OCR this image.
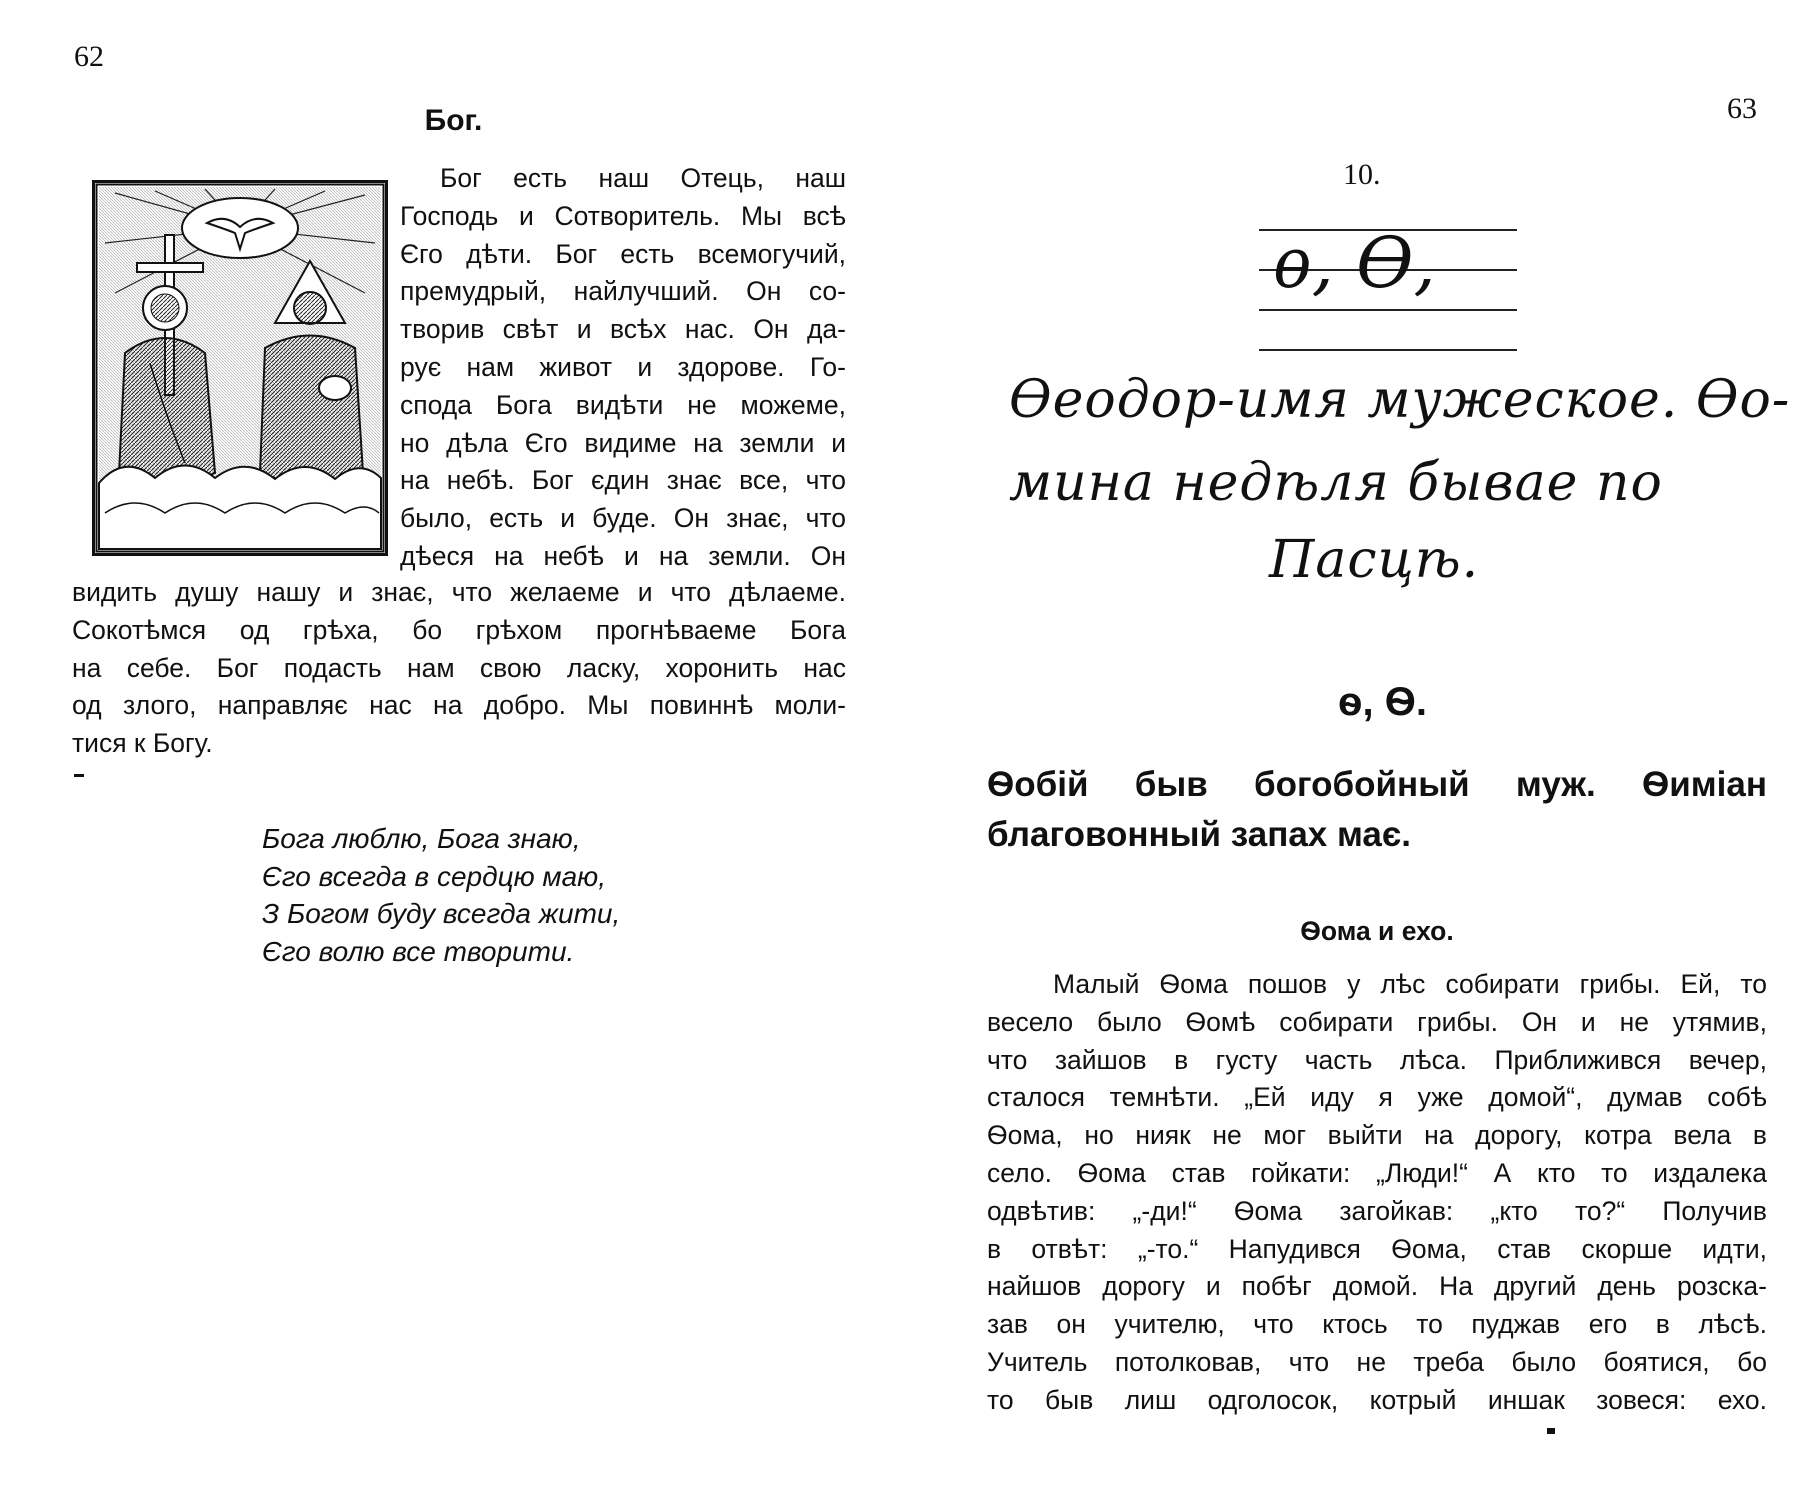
62
Бог.
Бог есть наш Отець, наш
Господь и Сотворитель. Мы всѣ
Єго дѣти. Бог есть всемогучий,
премудрый, найлучший. Он со-
творив свѣт и всѣх нас. Он да-
рує нам живот и здорове. Го-
спода Бога видѣти не можеме,
но дѣла Єго видиме на земли и
на небѣ. Бог єдин знає все, что
было, есть и буде. Он знає, что
дѣеся на небѣ и на земли. Он
видить душу нашу и знає, что желаеме и что дѣлаеме.
Сокотѣмся од грѣха, бо грѣхом прогнѣваеме Бога
на себе. Бог подасть нам свою ласку, хоронить нас
од злого, направляє нас на добро. Мы повиннѣ моли-
тися к Богу.
Бога люблю, Бога знаю,
Єго всегда в сердцю маю,
З Богом буду всегда жити,
Єго волю все творити.
63
10.
ѳ, Ѳ,
Ѳеодор-имя мужеское. Ѳо-
мина недѣля бывае по
Пасцѣ.
ѳ, Ѳ.
Ѳобій быв богобойный муж. Ѳиміан
благовонный запах має.
Ѳома и ехо.
Малый Ѳома пошов у лѣс собирати грибы. Ей, то
весело было Ѳомѣ собирати грибы. Он и не утямив,
что зайшов в густу часть лѣса. Приближився вечер,
сталося темнѣти. „Ей иду я уже домой“, думав собѣ
Ѳома, но нияк не мог выйти на дорогу, котра вела в
село. Ѳома став гойкати: „Люди!“ А кто то издалека
одвѣтив: „-ди!“ Ѳома загойкав: „кто то?“ Получив
в отвѣт: „-то.“ Напудився Ѳома, став скорше идти,
найшов дорогу и побѣг домой. На другий день розска-
зав он учителю, что ктось то пуджав его в лѣсѣ.
Учитель потолковав, что не треба было боятися, бо
то быв лиш одголосок, котрый иншак зовеся: ехо.
